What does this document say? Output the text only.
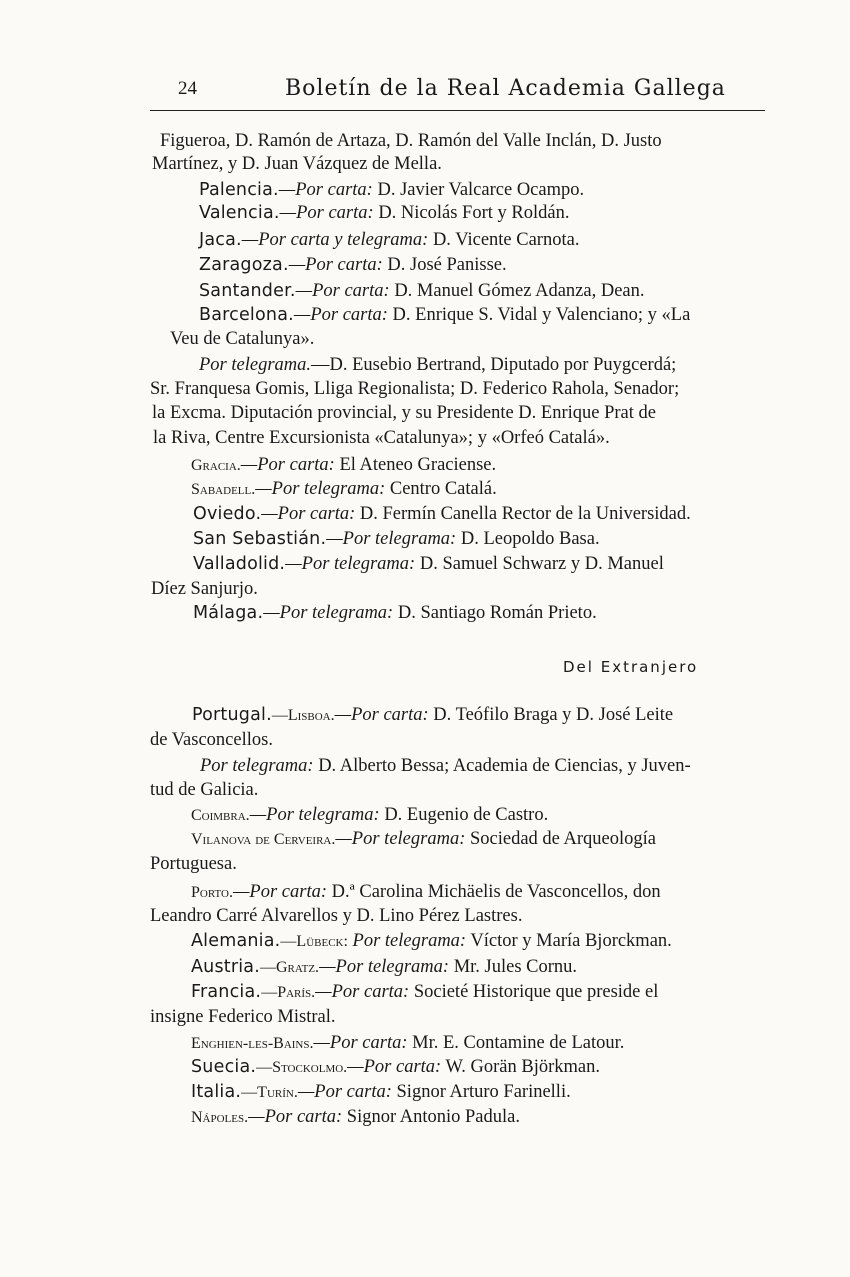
24	Boletín de la Real Academia Gallega
Figueroa, D. Ramón de Artaza, D. Ramón del Valle Inclán, D. Justo
Martínez, y D. Juan Vázquez de Mella.
Palencia.—Por carta: D. Javier Valcarce Ocampo.
Valencia.—Por carta: D. Nicolás Fort y Roldán.
Jaca.—Por carta y telegrama: D. Vicente Carnota.
Zaragoza.—Por carta: D. José Panisse.
Santander.—Por carta: D. Manuel Gómez Adanza, Dean.
Barcelona.—Por carta: D. Enrique S. Vidal y Valenciano; y «La
Veu de Catalunya».
Por telegrama.—D. Eusebio Bertrand, Diputado por Puygcerdá;
Sr. Franquesa Gomis, Lliga Regionalista; D. Federico Rahola, Senador;
la Excma. Diputación provincial, y su Presidente D. Enrique Prat de
la Riva, Centre Excursionista «Catalunya»; y «Orfeó Catalá».
Gracia.—Por carta: El Ateneo Graciense.
Sabadell.—Por telegrama: Centro Catalá.
Oviedo.—Por carta: D. Fermín Canella Rector de la Universidad.
San Sebastián.—Por telegrama: D. Leopoldo Basa.
Valladolid.—Por telegrama: D. Samuel Schwarz y D. Manuel
Díez Sanjurjo.
Málaga.—Por telegrama: D. Santiago Román Prieto.
Del Extranjero
Portugal.—Lisboa.—Por carta: D. Teófilo Braga y D. José Leite
de Vasconcellos.
Por telegrama: D. Alberto Bessa; Academia de Ciencias, y Juven-
tud de Galicia.
Coimbra.—Por telegrama: D. Eugenio de Castro.
Vilanova de Cerveira.—Por telegrama: Sociedad de Arqueología
Portuguesa.
Porto.—Por carta: D.ª Carolina Michäelis de Vasconcellos, don
Leandro Carré Alvarellos y D. Lino Pérez Lastres.
Alemania.—Lübeck: Por telegrama: Víctor y María Bjorckman.
Austria.—Gratz.—Por telegrama: Mr. Jules Cornu.
Francia.—París.—Por carta: Societé Historique que preside el
insigne Federico Mistral.
Enghien-les-Bains.—Por carta: Mr. E. Contamine de Latour.
Suecia.—Stockolmo.—Por carta: W. Gorän Björkman.
Italia.—Turín.—Por carta: Signor Arturo Farinelli.
Nápoles.—Por carta: Signor Antonio Padula.
